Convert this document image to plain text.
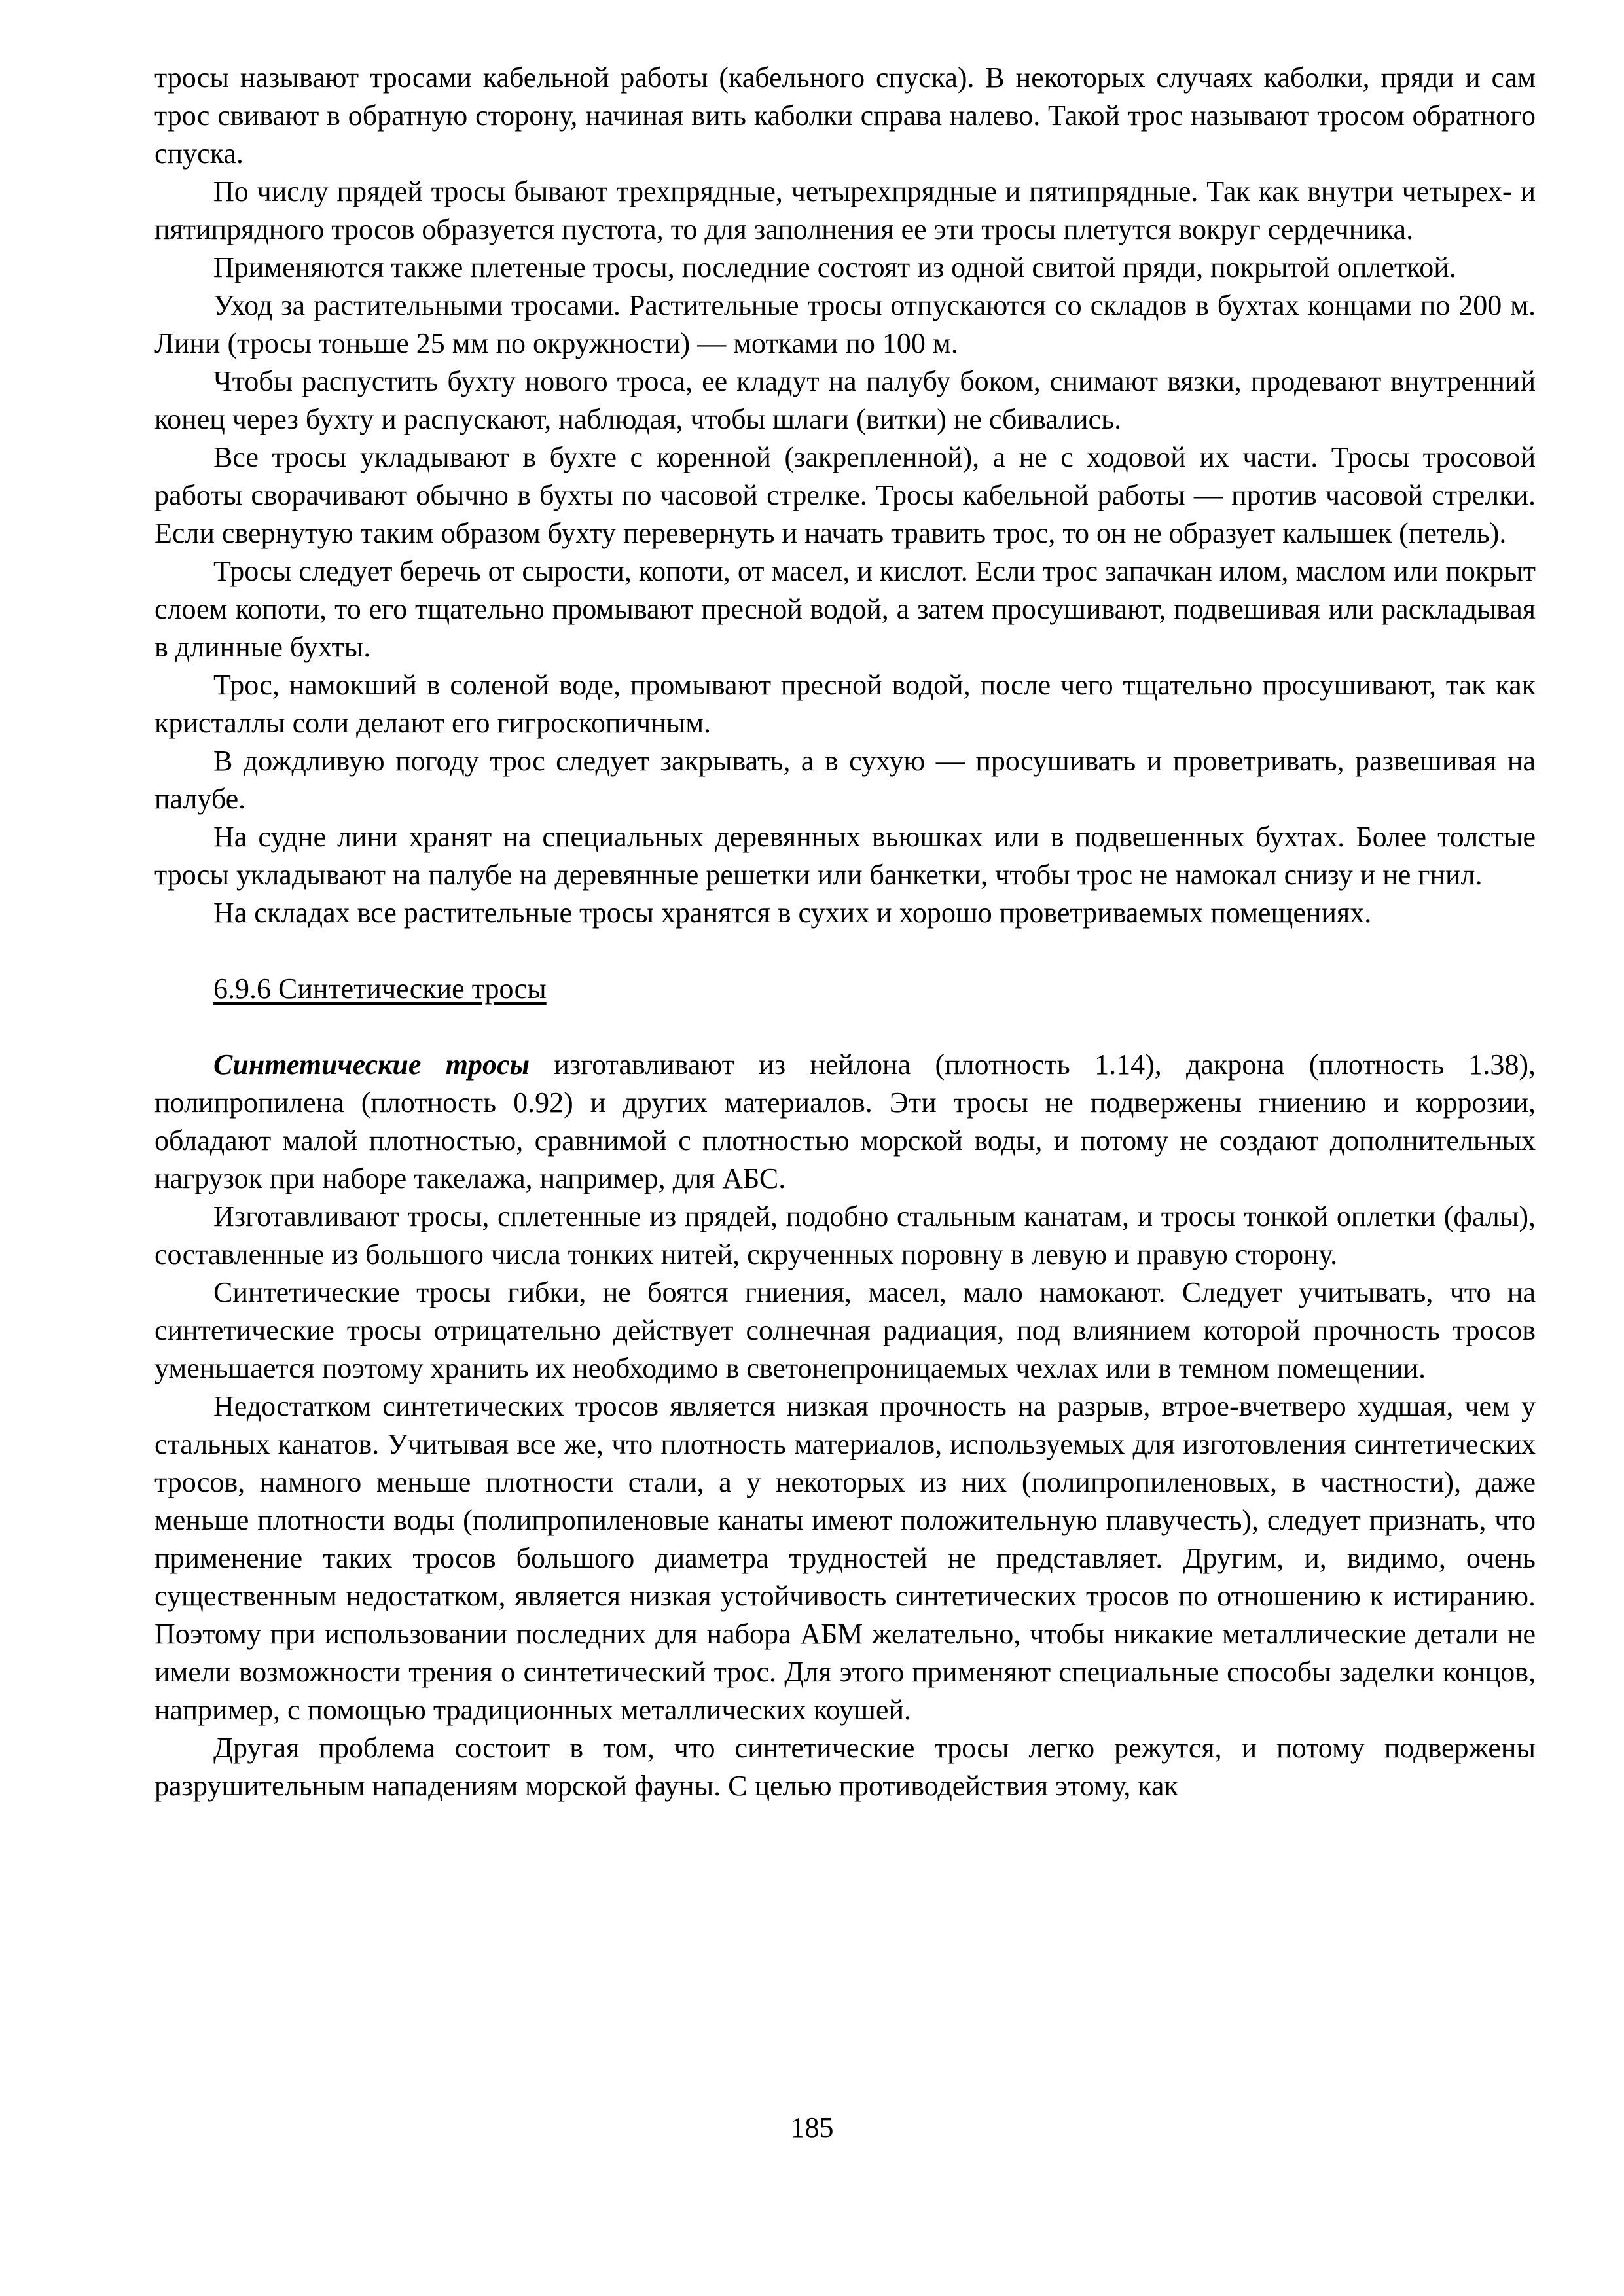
тросы называют тросами кабельной работы (кабельного спуска). В некоторых случаях каболки, пряди и сам трос свивают в обратную сторону, начиная вить каболки справа налево. Такой трос называют тросом обратного спуска.

По числу прядей тросы бывают трехпрядные, четырехпрядные и пятипрядные. Так как внутри четырех- и пятипрядного тросов образуется пустота, то для заполнения ее эти тросы плетутся вокруг сердечника.

Применяются также плетеные тросы, последние состоят из одной свитой пряди, покрытой оплеткой.

Уход за растительными тросами. Растительные тросы отпускаются со складов в бухтах концами по 200 м. Лини (тросы тоньше 25 мм по окружности) — мотками по 100 м.

Чтобы распустить бухту нового троса, ее кладут на палубу боком, снимают вязки, продевают внутренний конец через бухту и распускают, наблюдая, чтобы шлаги (витки) не сбивались.

Все тросы укладывают в бухте с коренной (закрепленной), а не с ходовой их части. Тросы тросовой работы сворачивают обычно в бухты по часовой стрелке. Тросы кабельной работы — против часовой стрелки. Если свернутую таким образом бухту перевернуть и начать травить трос, то он не образует калышек (петель).

Тросы следует беречь от сырости, копоти, от масел, и кислот. Если трос запачкан илом, маслом или покрыт слоем копоти, то его тщательно промывают пресной водой, а затем просушивают, подвешивая или раскладывая в длинные бухты.

Трос, намокший в соленой воде, промывают пресной водой, после чего тщательно просушивают, так как кристаллы соли делают его гигроскопичным.

В дождливую погоду трос следует закрывать, а в сухую — просушивать и проветривать, развешивая на палубе.

На судне лини хранят на специальных деревянных вьюшках или в подвешенных бухтах. Более толстые тросы укладывают на палубе на деревянные решетки или банкетки, чтобы трос не намокал снизу и не гнил.

На складах все растительные тросы хранятся в сухих и хорошо проветриваемых помещениях.

6.9.6 Синтетические тросы

Синтетические тросы изготавливают из нейлона (плотность 1.14), дакрона (плотность 1.38), полипропилена (плотность 0.92) и других материалов. Эти тросы не подвержены гниению и коррозии, обладают малой плотностью, сравнимой с плотностью морской воды, и потому не создают дополнительных нагрузок при наборе такелажа, например, для АБС.

Изготавливают тросы, сплетенные из прядей, подобно стальным канатам, и тросы тонкой оплетки (фалы), составленные из большого числа тонких нитей, скрученных поровну в левую и правую сторону.

Синтетические тросы гибки, не боятся гниения, масел, мало намокают. Следует учитывать, что на синтетические тросы отрицательно действует солнечная радиация, под влиянием которой прочность тросов уменьшается поэтому хранить их необходимо в светонепроницаемых чехлах или в темном помещении.

Недостатком синтетических тросов является низкая прочность на разрыв, втрое-вчетверо худшая, чем у стальных канатов. Учитывая все же, что плотность материалов, используемых для изготовления синтетических тросов, намного меньше плотности стали, а у некоторых из них (полипропиленовых, в частности), даже меньше плотности воды (полипропиленовые канаты имеют положительную плавучесть), следует признать, что применение таких тросов большого диаметра трудностей не представляет. Другим, и, видимо, очень существенным недостатком, является низкая устойчивость синтетических тросов по отношению к истиранию. Поэтому при использовании последних для набора АБМ желательно, чтобы никакие металлические детали не имели возможности трения о синтетический трос. Для этого применяют специальные способы заделки концов, например, с помощью традиционных металлических коушей.

Другая проблема состоит в том, что синтетические тросы легко режутся, и потому подвержены разрушительным нападениям морской фауны. С целью противодействия этому, как

185
